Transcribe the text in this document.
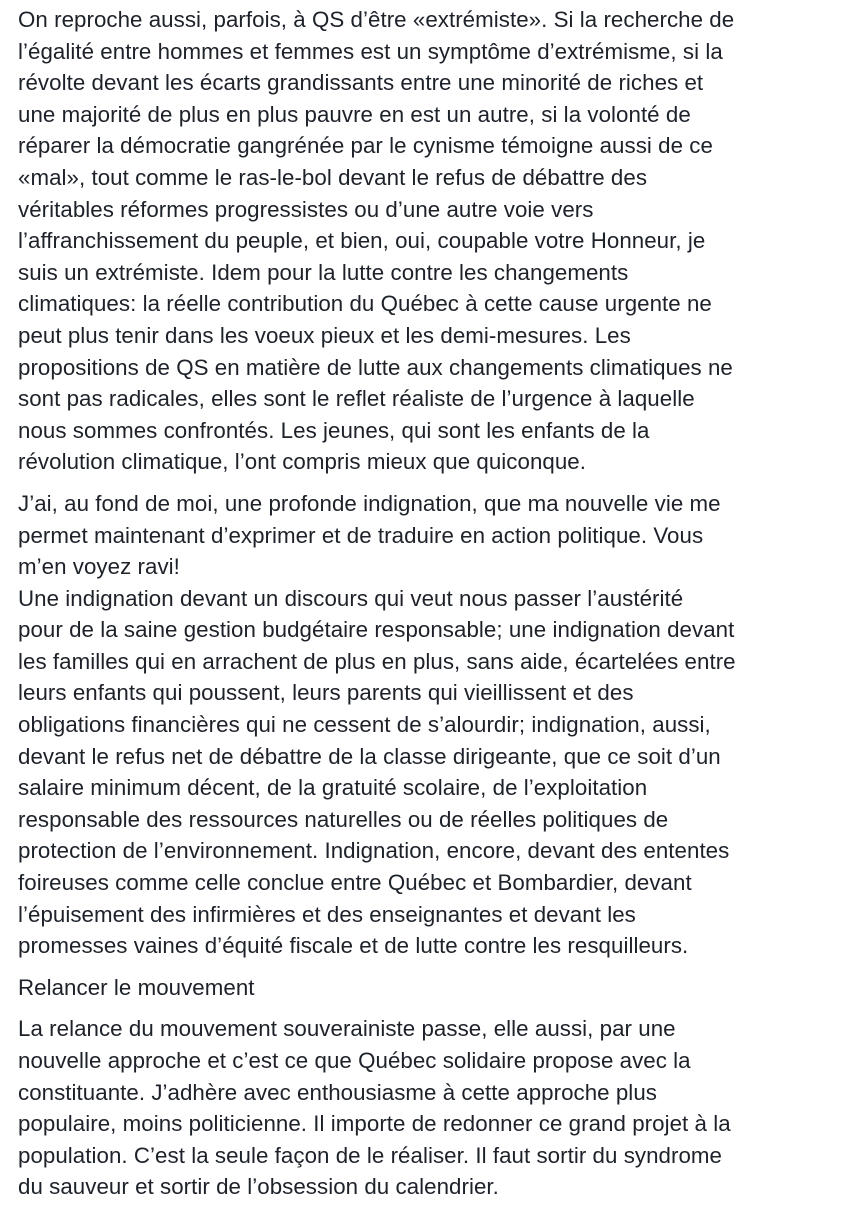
On reproche aussi, parfois, à QS d’être «extrémiste». Si la recherche de
l’égalité entre hommes et femmes est un symptôme d’extrémisme, si la
révolte devant les écarts grandissants entre une minorité de riches et
une majorité de plus en plus pauvre en est un autre, si la volonté de
réparer la démocratie gangrénée par le cynisme témoigne aussi de ce
«mal», tout comme le ras-le-bol devant le refus de débattre des
véritables réformes progressistes ou d’une autre voie vers
l’affranchissement du peuple, et bien, oui, coupable votre Honneur, je
suis un extrémiste. Idem pour la lutte contre les changements
climatiques: la réelle contribution du Québec à cette cause urgente ne
peut plus tenir dans les voeux pieux et les demi-mesures. Les
propositions de QS en matière de lutte aux changements climatiques ne
sont pas radicales, elles sont le reflet réaliste de l’urgence à laquelle
nous sommes confrontés. Les jeunes, qui sont les enfants de la
révolution climatique, l’ont compris mieux que quiconque.
J’ai, au fond de moi, une profonde indignation, que ma nouvelle vie me
permet maintenant d’exprimer et de traduire en action politique. Vous
m’en voyez ravi!
Une indignation devant un discours qui veut nous passer l’austérité
pour de la saine gestion budgétaire responsable; une indignation devant
les familles qui en arrachent de plus en plus, sans aide, écartelées entre
leurs enfants qui poussent, leurs parents qui vieillissent et des
obligations financières qui ne cessent de s’alourdir; indignation, aussi,
devant le refus net de débattre de la classe dirigeante, que ce soit d’un
salaire minimum décent, de la gratuité scolaire, de l’exploitation
responsable des ressources naturelles ou de réelles politiques de
protection de l’environnement. Indignation, encore, devant des ententes
foireuses comme celle conclue entre Québec et Bombardier, devant
l’épuisement des infirmières et des enseignantes et devant les
promesses vaines d’équité fiscale et de lutte contre les resquilleurs.
Relancer le mouvement
La relance du mouvement souverainiste passe, elle aussi, par une
nouvelle approche et c’est ce que Québec solidaire propose avec la
constituante. J’adhère avec enthousiasme à cette approche plus
populaire, moins politicienne. Il importe de redonner ce grand projet à la
population. C’est la seule façon de le réaliser. Il faut sortir du syndrome
du sauveur et sortir de l’obsession du calendrier.
